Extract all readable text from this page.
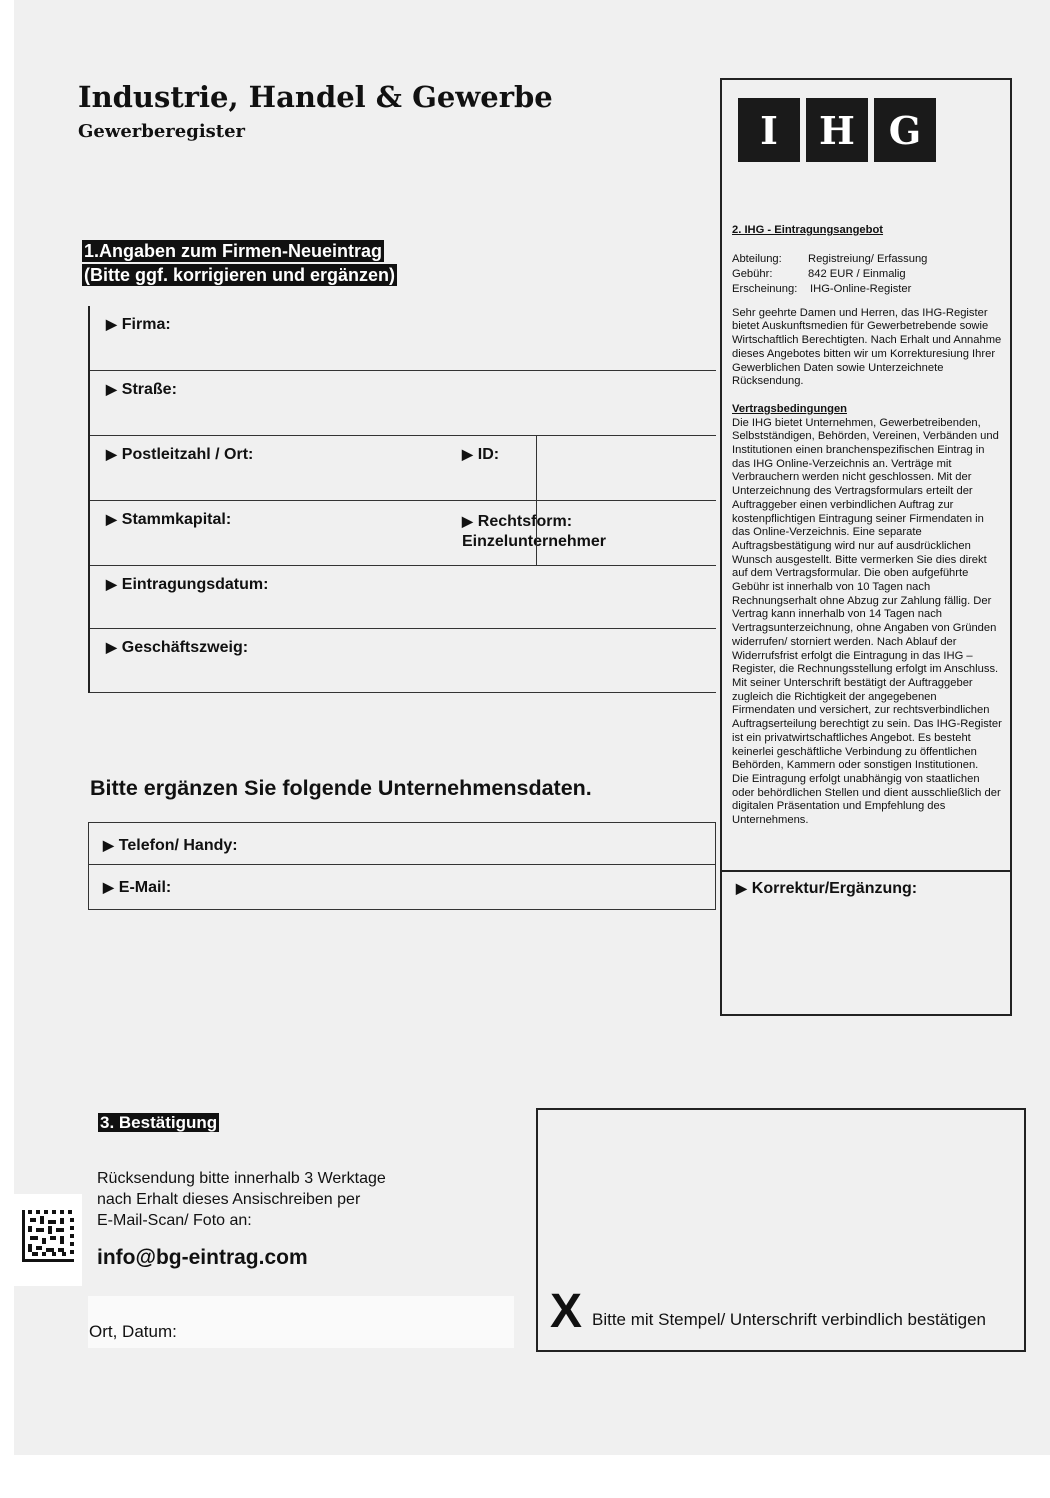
Industrie, Handel & Gewerbe
Gewerberegister
1.Angaben zum Firmen-Neueintrag
(Bitte ggf. korrigieren und ergänzen)
▶ Firma:
▶ Straße:
▶ Postleitzahl / Ort:	▶ ID:
▶ Stammkapital:	▶ Rechtsform:
Einzelunternehmer
▶ Eintragungsdatum:
▶ Geschäftszweig:
Bitte ergänzen Sie folgende Unternehmensdaten.
▶ Telefon/ Handy:
▶ E-Mail:
I	H G
2. IHG - Eintragungsangebot
Abteilung:	Registreiung/ Erfassung
Gebühr:	842 EUR / Einmalig
Erscheinung:	IHG-Online-Register
Sehr geehrte Damen und Herren, das IHG-Register bietet Auskunftsmedien für Gewerbetrebende sowie Wirtschaftlich Berechtigten. Nach Erhalt und Annahme dieses Angebotes bitten wir um Korrekturesiung Ihrer Gewerblichen Daten sowie Unterzeichnete Rücksendung.
Vertragsbedingungen
Die IHG bietet Unternehmen, Gewerbetreibenden, Selbstständigen, Behörden, Vereinen, Verbänden und Institutionen einen branchenspezifischen Eintrag in das IHG Online-Verzeichnis an. Verträge mit Verbrauchern werden nicht geschlossen. Mit der Unterzeichnung des Vertragsformulars erteilt der Auftraggeber einen verbindlichen Auftrag zur kostenpflichtigen Eintragung seiner Firmendaten in das Online-Verzeichnis. Eine separate Auftragsbestätigung wird nur auf ausdrücklichen Wunsch ausgestellt. Bitte vermerken Sie dies direkt auf dem Vertragsformular. Die oben aufgeführte Gebühr ist innerhalb von 10 Tagen nach Rechnungserhalt ohne Abzug zur Zahlung fällig. Der Vertrag kann innerhalb von 14 Tagen nach Vertragsunterzeichnung, ohne Angaben von Gründen widerrufen/ storniert werden. Nach Ablauf der Widerrufsfrist erfolgt die Eintragung in das IHG – Register, die Rechnungsstellung erfolgt im Anschluss. Mit seiner Unterschrift bestätigt der Auftraggeber zugleich die Richtigkeit der angegebenen Firmendaten und versichert, zur rechtsverbindlichen Auftragserteilung berechtigt zu sein. Das IHG-Register ist ein privatwirtschaftliches Angebot. Es besteht keinerlei geschäftliche Verbindung zu öffentlichen Behörden, Kammern oder sonstigen Institutionen.
Die Eintragung erfolgt unabhängig von staatlichen oder behördlichen Stellen und dient ausschließlich der digitalen Präsentation und Empfehlung des Unternehmens.
▶ Korrektur/Ergänzung:
3. Bestätigung
Rücksendung bitte innerhalb 3 Werktage
nach Erhalt dieses Ansischreiben per
E-Mail-Scan/ Foto an:
info@bg-eintrag.com
Ort, Datum:	X Bitte mit Stempel/ Unterschrift verbindlich bestätigen
